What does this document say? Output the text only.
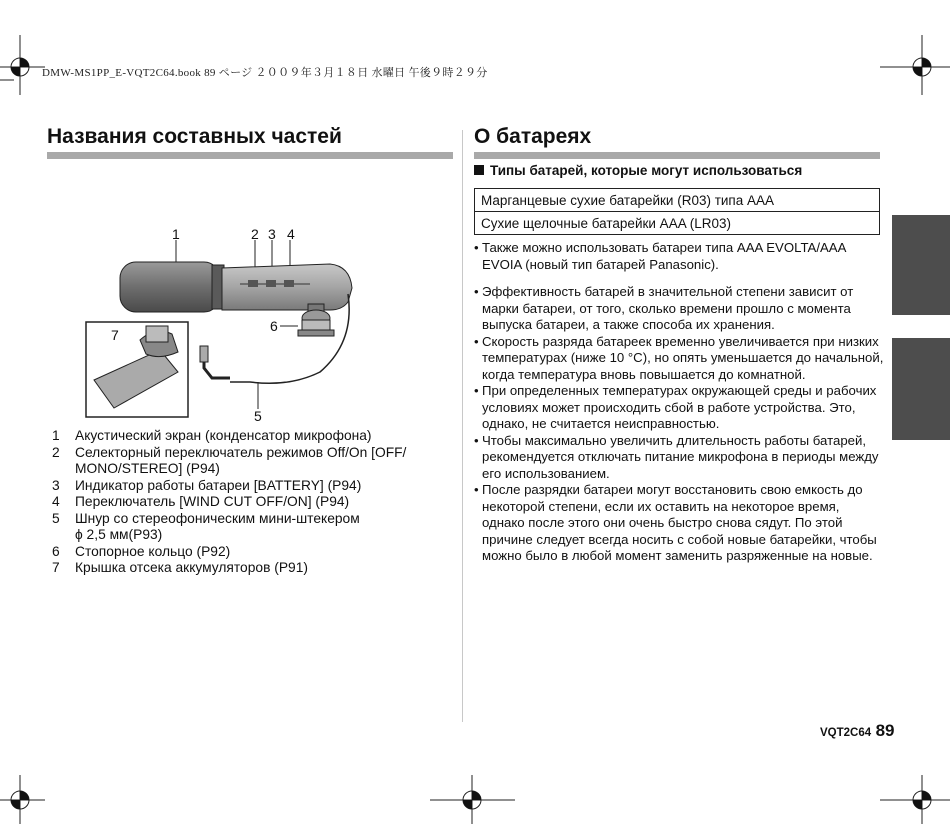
DMW-MS1PP_E-VQT2C64.book 89 ページ ２００９年３月１８日 水曜日 午後９時２９分
Названия составных частей
1	2 3 4
5
6
7
1	Акустический экран (конденсатор микрофона)
2	Селекторный переключатель режимов Off/On [OFF/ MONO/STEREO] (P94)
3	Индикатор работы батареи [BATTERY] (P94)
4	Переключатель [WIND CUT OFF/ON] (P94)
5	Шнур со стереофоническим мини-штекером
ϕ 2,5 мм(P93)
6	Стопорное кольцо (P92)
7	Крышка отсека аккумуляторов (P91)
О батареях
Типы батарей, которые могут использоваться
Марганцевые сухие батарейки (R03) типа AAA
Сухие щелочные батарейки AAA (LR03)
• Также можно использовать батареи типа AAA EVOLTA/AAA EVOIA (новый тип батарей Panasonic).
• Эффективность батарей в значительной степени зависит от марки батареи, от того, сколько времени прошло с момента выпуска батареи, а также способа их хранения.
• Скорость разряда батареек временно увеличивается при низких температурах (ниже 10 °C), но опять уменьшается до начальной, когда температура вновь повышается до комнатной.
• При определенных температурах окружающей среды и рабочих условиях может происходить сбой в работе устройства. Это, однако, не считается неисправностью.
• Чтобы максимально увеличить длительность работы батарей, рекомендуется отключать питание микрофона в периоды между его использованием.
• После разрядки батареи могут восстановить свою емкость до некоторой степени, если их оставить на некоторое время, однако после этого они очень быстро снова сядут. По этой причине следует всегда носить с собой новые батарейки, чтобы можно было в любой момент заменить разряженные на новые.
VQT2C64 89
